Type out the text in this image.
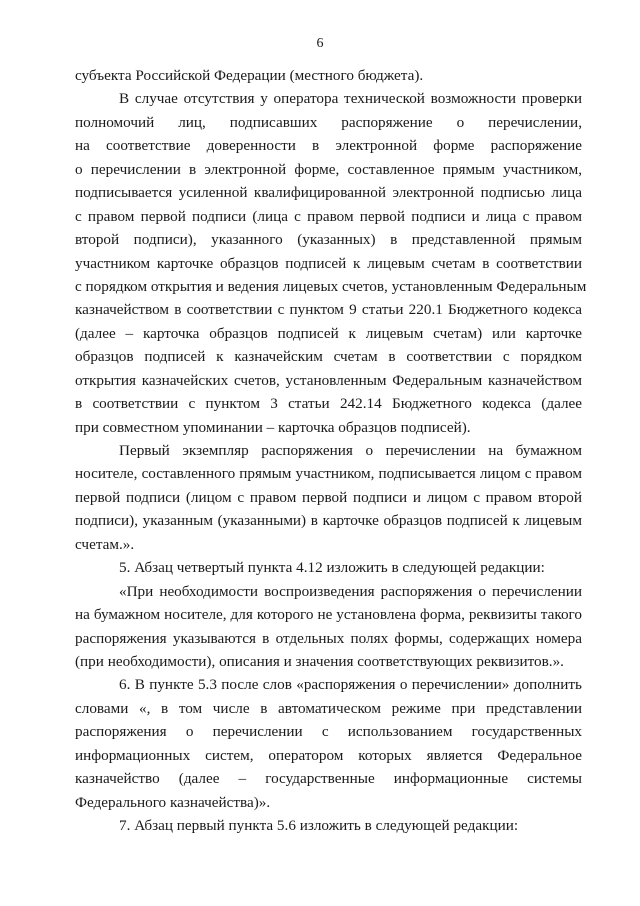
6
субъекта Российской Федерации (местного бюджета).
В случае отсутствия у оператора технической возможности проверки
полномочий лиц, подписавших распоряжение о перечислении,
на соответствие доверенности в электронной форме распоряжение
о перечислении в электронной форме, составленное прямым участником,
подписывается усиленной квалифицированной электронной подписью лица
с правом первой подписи (лица с правом первой подписи и лица с правом
второй подписи), указанного (указанных) в представленной прямым
участником карточке образцов подписей к лицевым счетам в соответствии
с порядком открытия и ведения лицевых счетов, установленным Федеральным
казначейством в соответствии с пунктом 9 статьи 220.1 Бюджетного кодекса
(далее – карточка образцов подписей к лицевым счетам) или карточке
образцов подписей к казначейским счетам в соответствии с порядком
открытия казначейских счетов, установленным Федеральным казначейством
в соответствии с пунктом 3 статьи 242.14 Бюджетного кодекса (далее
при совместном упоминании – карточка образцов подписей).
Первый экземпляр распоряжения о перечислении на бумажном
носителе, составленного прямым участником, подписывается лицом с правом
первой подписи (лицом с правом первой подписи и лицом с правом второй
подписи), указанным (указанными) в карточке образцов подписей к лицевым
счетам.».
5. Абзац четвертый пункта 4.12 изложить в следующей редакции:
«При необходимости воспроизведения распоряжения о перечислении
на бумажном носителе, для которого не установлена форма, реквизиты такого
распоряжения указываются в отдельных полях формы, содержащих номера
(при необходимости), описания и значения соответствующих реквизитов.».
6. В пункте 5.3 после слов «распоряжения о перечислении» дополнить
словами «, в том числе в автоматическом режиме при представлении
распоряжения о перечислении с использованием государственных
информационных систем, оператором которых является Федеральное
казначейство (далее – государственные информационные системы
Федерального казначейства)».
7. Абзац первый пункта 5.6 изложить в следующей редакции:
